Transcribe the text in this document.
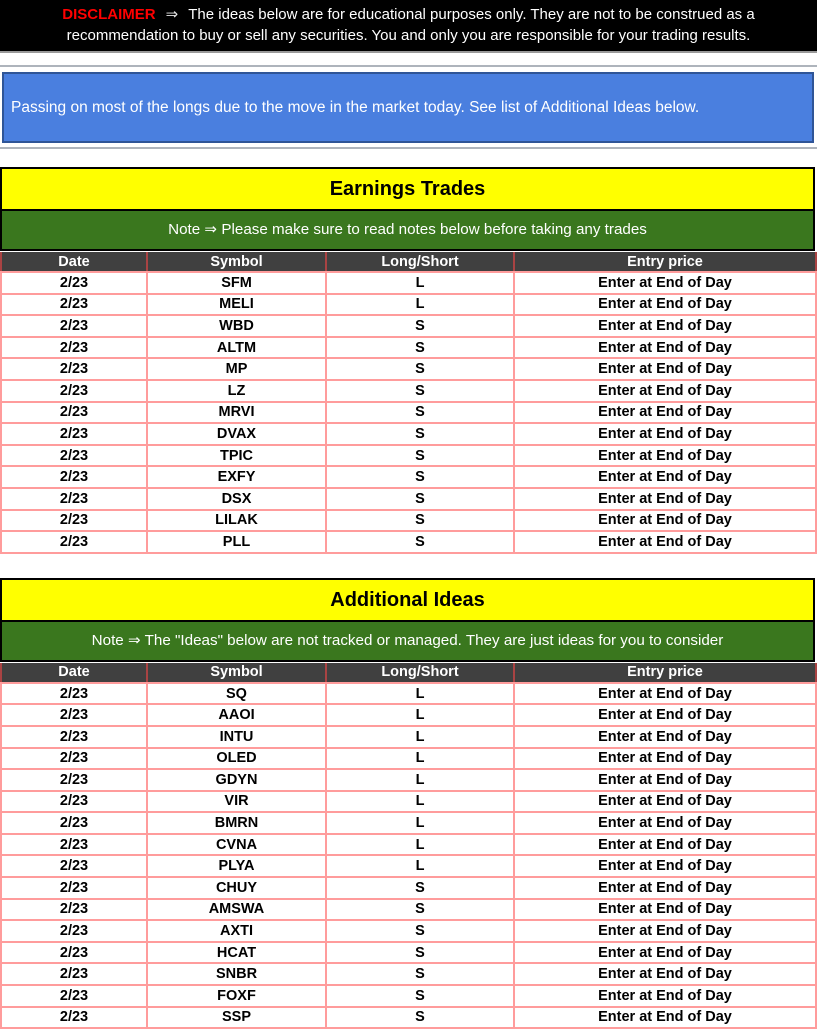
DISCLAIMER ⇒ The ideas below are for educational purposes only. They are not to be construed as a recommendation to buy or sell any securities. You and only you are responsible for your trading results.
Passing on most of the longs due to the move in the market today. See list of Additional Ideas below.
Earnings Trades
Note ⇒ Please make sure to read notes below before taking any trades
Date	Symbol	Long/Short	Entry price
2/23	SFM	L	Enter at End of Day
2/23	MELI	L	Enter at End of Day
2/23	WBD	S	Enter at End of Day
2/23	ALTM	S	Enter at End of Day
2/23	MP	S	Enter at End of Day
2/23	LZ	S	Enter at End of Day
2/23	MRVI	S	Enter at End of Day
2/23	DVAX	S	Enter at End of Day
2/23	TPIC	S	Enter at End of Day
2/23	EXFY	S	Enter at End of Day
2/23	DSX	S	Enter at End of Day
2/23	LILAK	S	Enter at End of Day
2/23	PLL	S	Enter at End of Day
Additional Ideas
Note ⇒ The "Ideas" below are not tracked or managed. They are just ideas for you to consider
Date	Symbol	Long/Short	Entry price
2/23	SQ	L	Enter at End of Day
2/23	AAOI	L	Enter at End of Day
2/23	INTU	L	Enter at End of Day
2/23	OLED	L	Enter at End of Day
2/23	GDYN	L	Enter at End of Day
2/23	VIR	L	Enter at End of Day
2/23	BMRN	L	Enter at End of Day
2/23	CVNA	L	Enter at End of Day
2/23	PLYA	L	Enter at End of Day
2/23	CHUY	S	Enter at End of Day
2/23	AMSWA	S	Enter at End of Day
2/23	AXTI	S	Enter at End of Day
2/23	HCAT	S	Enter at End of Day
2/23	SNBR	S	Enter at End of Day
2/23	FOXF	S	Enter at End of Day
2/23	SSP	S	Enter at End of Day
